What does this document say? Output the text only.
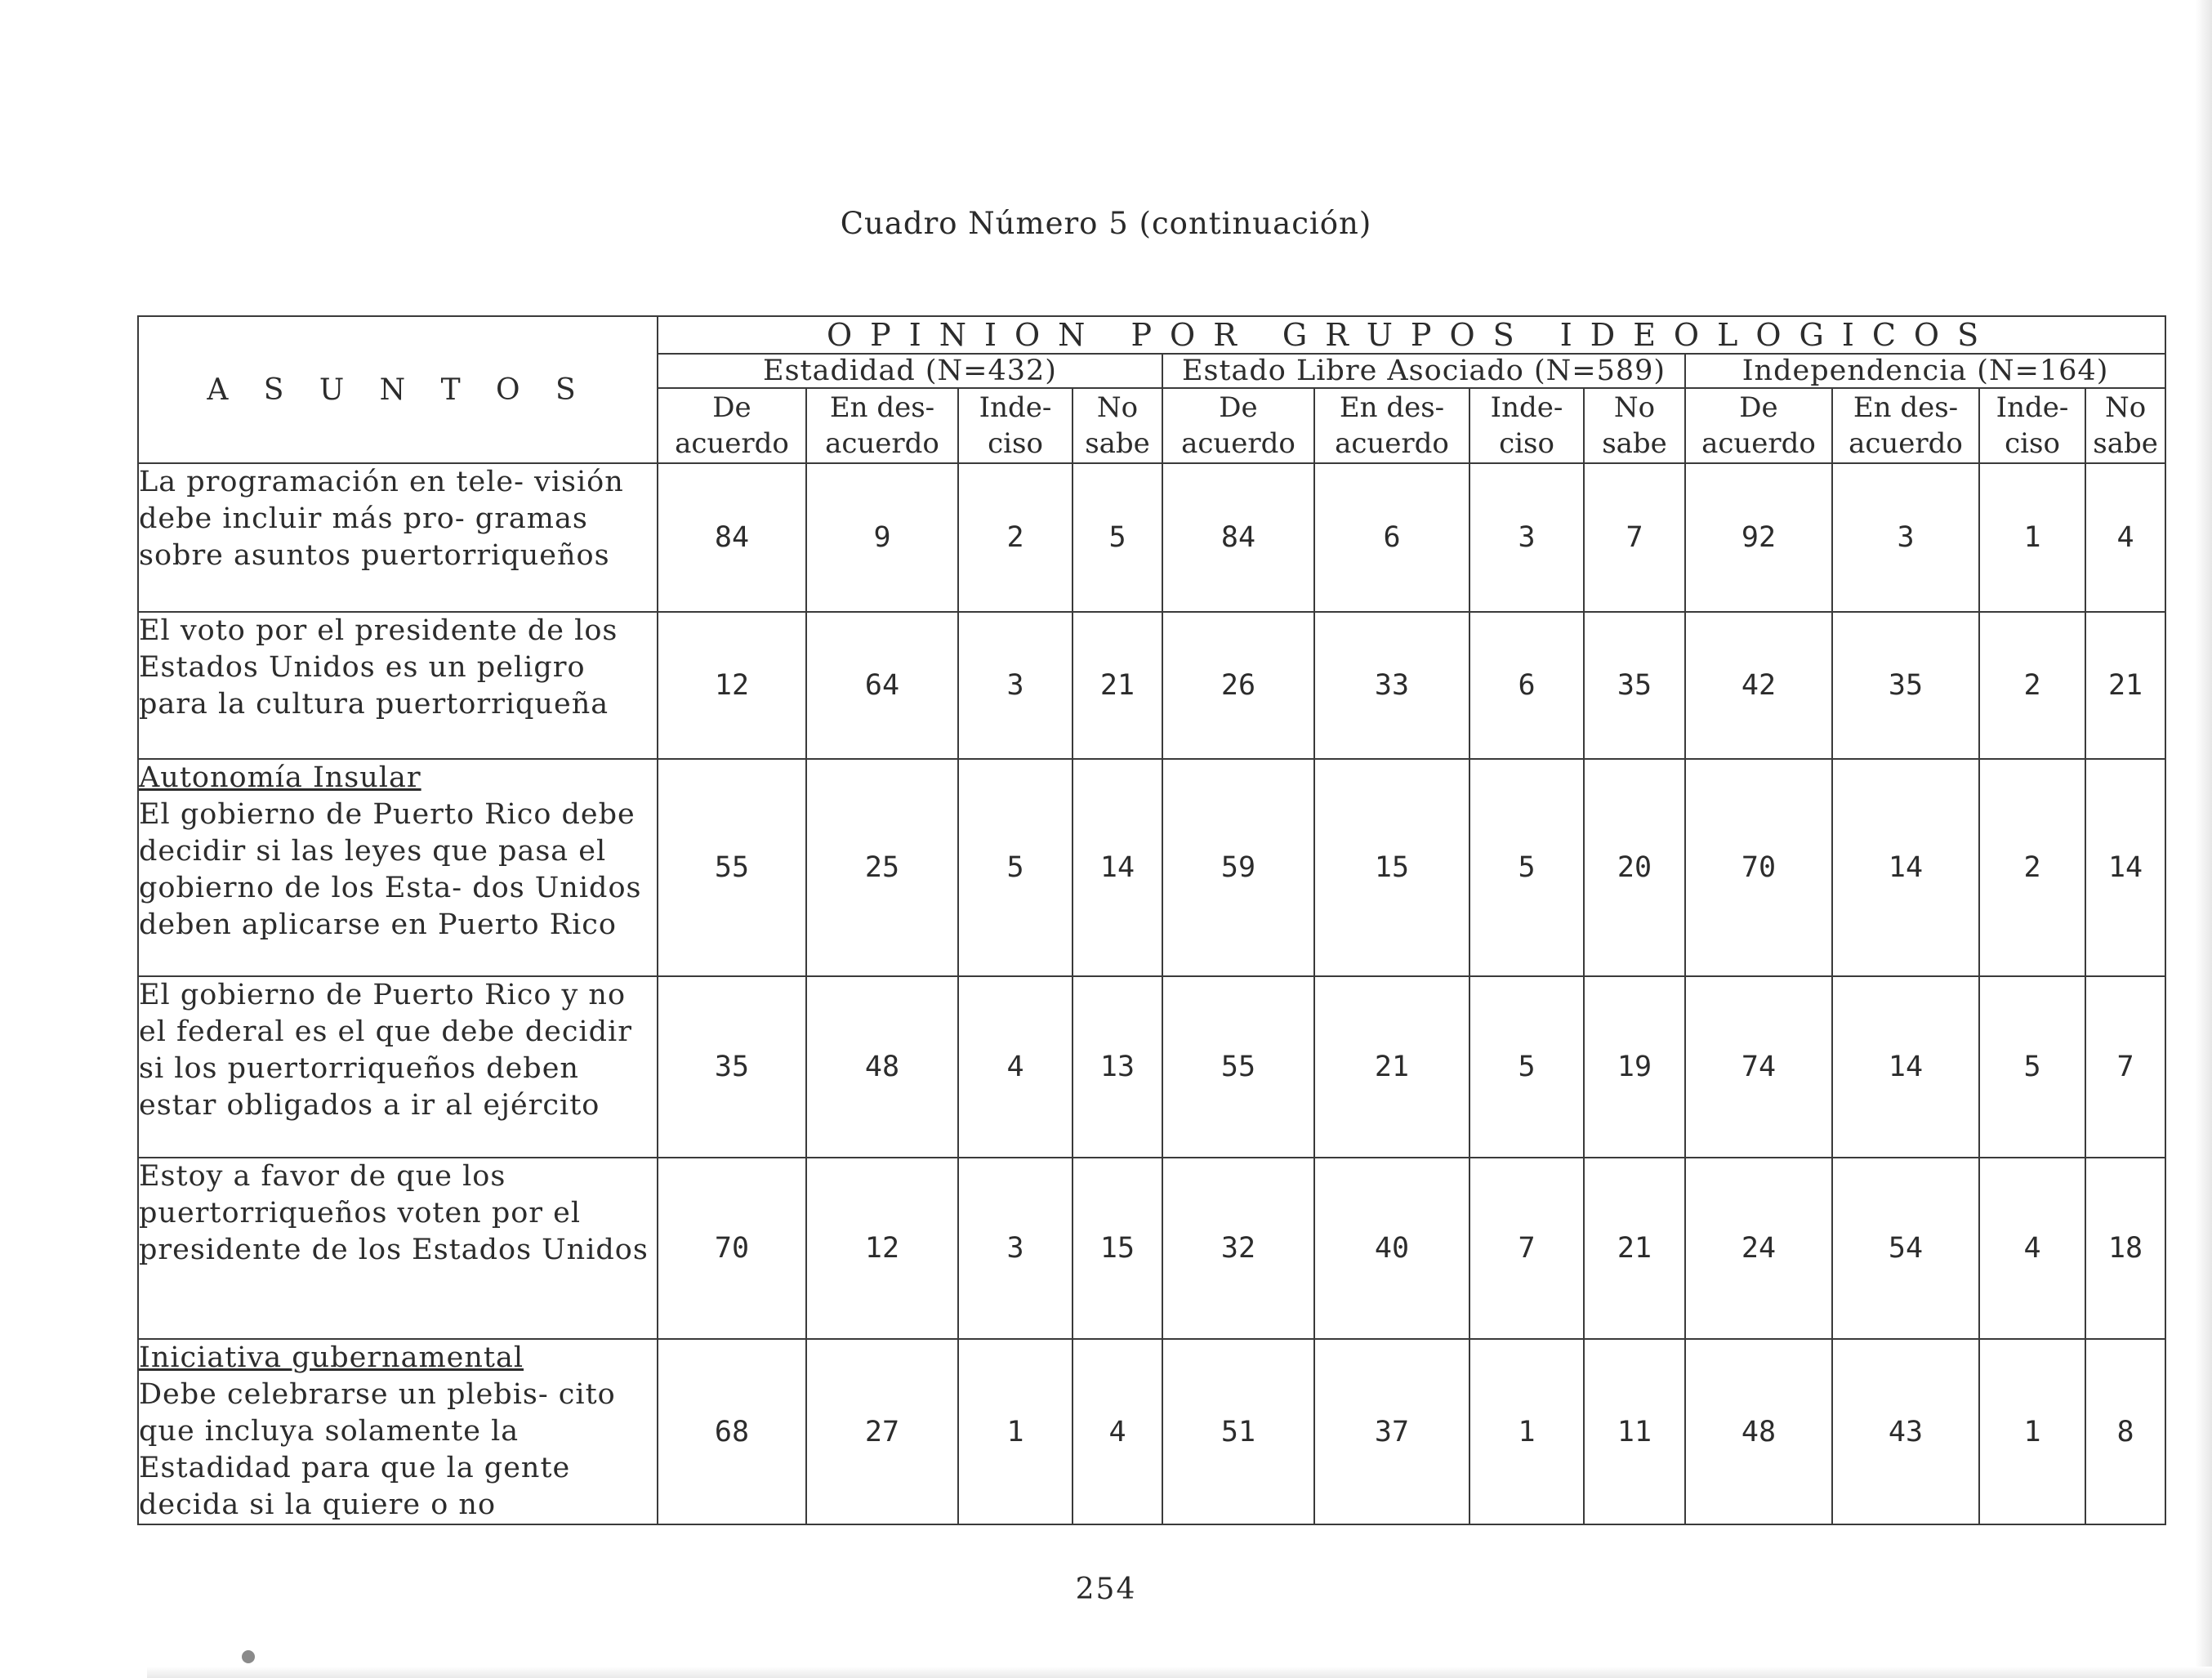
Cuadro Número 5 (continuación)
A S U N T O S	OPINION POR GRUPOS IDEOLOGICOS											
	Estadidad (N=432)				Estado Libre Asociado (N=589)				Independencia (N=164)			
	De acuerdo	En des- acuerdo	Inde- ciso	No sabe	De acuerdo	En des- acuerdo	Inde- ciso	No sabe	De acuerdo	En des- acuerdo	Inde- ciso	No sabe

La programación en tele- visión debe incluir más pro- gramas sobre asuntos puertorriqueños	84	9	2	5	84	6	3	7	92	3	1	4

El voto por el presidente de los Estados Unidos es un peligro para la cultura puertorriqueña	12	64	3	21	26	33	6	35	42	35	2	21

Autonomía Insular
El gobierno de Puerto Rico debe decidir si las leyes que pasa el gobierno de los Esta- dos Unidos deben aplicarse en Puerto Rico	55	25	5	14	59	15	5	20	70	14	2	14

El gobierno de Puerto Rico y no el federal es el que debe decidir si los puertorriqueños deben estar obligados a ir al ejército	35	48	4	13	55	21	5	19	74	14	5	7

Estoy a favor de que los puertorriqueños voten por el presidente de los Estados Unidos	70	12	3	15	32	40	7	21	24	54	4	18

Iniciativa gubernamental
Debe celebrarse un plebis- cito que incluya solamente la Estadidad para que la gente decida si la quiere o no	68	27	1	4	51	37	1	11	48	43	1	8
254
